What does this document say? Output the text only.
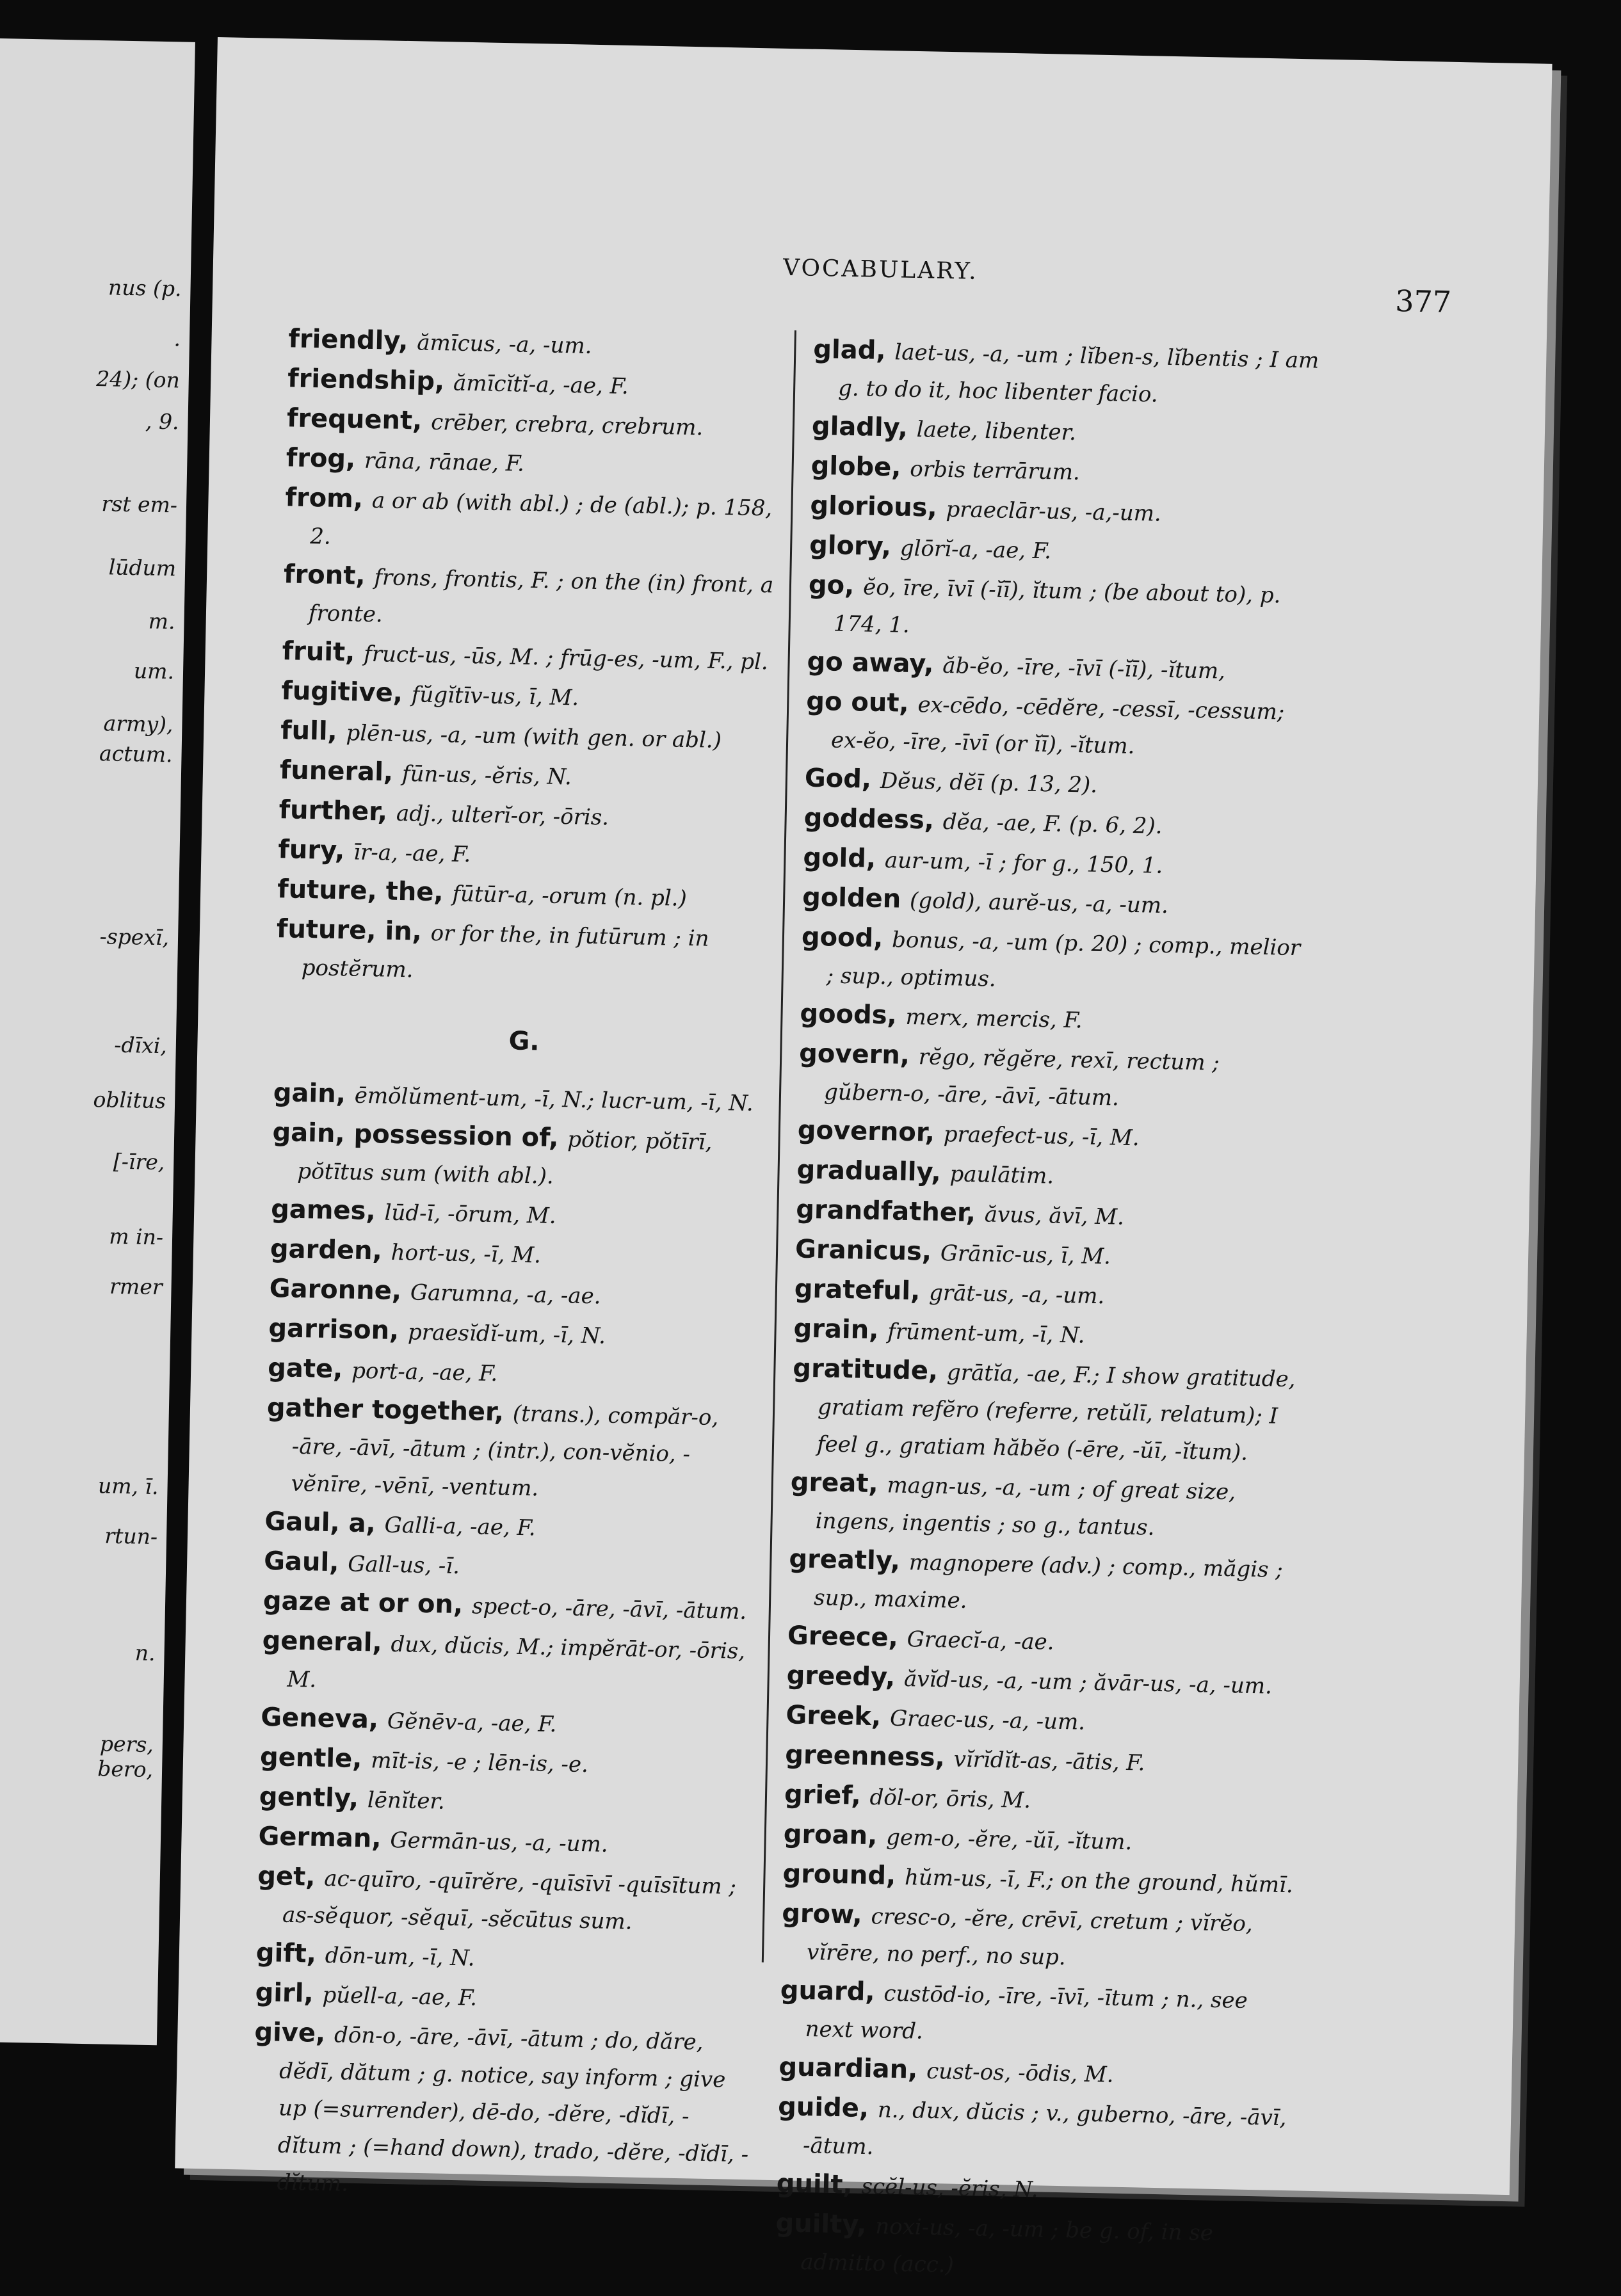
nus (p.
.
24); (on
, 9.
rst em-
lūdum
m.
um.
army),
actum.
-spexī,
-dīxi,
oblitus
[-īre,
m in-
rmer
um, ī.
rtun-
n.
pers,
bero,
VOCABULARY.
377
friendly, ămīcus, -a, -um.
friendship, ămīcĭtĭ-a, -ae, F.
frequent, crēber, crebra, crebrum.
frog, rāna, rānae, F.
from, a or ab (with abl.) ; de (abl.); p. 158, 2.
front, frons, frontis, F. ; on the (in) front, a fronte.
fruit, fruct-us, -ūs, M. ; frūg-es, -um, F., pl.
fugitive, fŭgĭtīv-us, ī, M.
full, plēn-us, -a, -um (with gen. or abl.)
funeral, fūn-us, -ĕris, N.
further, adj., ulterĭ-or, -ōris.
fury, īr-a, -ae, F.
future, the, fūtūr-a, -orum (n. pl.)
future, in, or for the, in futūrum ; in postĕrum.
G.
gain, ēmŏlŭment-um, -ī, N.; lucr-um, -ī, N.
gain, possession of, pŏtior, pŏtīrī, pŏtītus sum (with abl.).
games, lūd-ī, -ōrum, M.
garden, hort-us, -ī, M.
Garonne, Garumna, -a, -ae.
garrison, praesĭdĭ-um, -ī, N.
gate, port-a, -ae, F.
gather together, (trans.), compăr-o, -āre, -āvī, -ātum ; (intr.), con-vĕnio, -vĕnīre, -vēnī, -ventum.
Gaul, a, Galli-a, -ae, F.
Gaul, Gall-us, -ī.
gaze at or on, spect-o, -āre, -āvī, -ātum.
general, dux, dŭcis, M.; impĕrāt-or, -ōris, M.
Geneva, Gĕnēv-a, -ae, F.
gentle, mīt-is, -e ; lēn-is, -e.
gently, lēnĭter.
German, Germān-us, -a, -um.
get, ac-quīro, -quīrĕre, -quīsīvī -quīsītum ; as-sĕquor, -sĕquī, -sĕcūtus sum.
gift, dōn-um, -ī, N.
girl, pŭell-a, -ae, F.
give, dōn-o, -āre, -āvī, -ātum ; do, dăre, dĕdī, dătum ; g. notice, say inform ; give up (=surrender), dē-do, -dĕre, -dĭdī, -dĭtum ; (=hand down), trado, -dĕre, -dĭdī, -dĭtum.
glad, laet-us, -a, -um ; lĭben-s, lĭbentis ; I am g. to do it, hoc libenter facio.
gladly, laete, libenter.
globe, orbis terrārum.
glorious, praeclār-us, -a,-um.
glory, glōrĭ-a, -ae, F.
go, ĕo, īre, īvī (-ĭī), ĭtum ; (be about to), p. 174, 1.
go away, ăb-ĕo, -īre, -īvī (-ĭī), -ĭtum,
go out, ex-cēdo, -cēdĕre, -cessī, -cessum; ex-ĕo, -īre, -īvī (or ĭī), -ĭtum.
God, Dĕus, dĕī (p. 13, 2).
goddess, dĕa, -ae, F. (p. 6, 2).
gold, aur-um, -ī ; for g., 150, 1.
golden (gold), aurĕ-us, -a, -um.
good, bonus, -a, -um (p. 20) ; comp., melior ; sup., optimus.
goods, merx, mercis, F.
govern, rĕgo, rĕgĕre, rexī, rectum ; gŭbern-o, -āre, -āvī, -ātum.
governor, praefect-us, -ī, M.
gradually, paulātim.
grandfather, ăvus, ăvī, M.
Granicus, Grānīc-us, ī, M.
grateful, grāt-us, -a, -um.
grain, frūment-um, -ī, N.
gratitude, grātĭa, -ae, F.; I show gratitude, gratiam refĕro (referre, retŭlī, relatum); I feel g., gratiam hăbĕo (-ēre, -ŭī, -ĭtum).
great, magn-us, -a, -um ; of great size, ingens, ingentis ; so g., tantus.
greatly, magnopere (adv.) ; comp., măgis ; sup., maxime.
Greece, Graecĭ-a, -ae.
greedy, ăvĭd-us, -a, -um ; ăvār-us, -a, -um.
Greek, Graec-us, -a, -um.
greenness, vĭrĭdĭt-as, -ātis, F.
grief, dŏl-or, ōris, M.
groan, gem-o, -ĕre, -ŭī, -ĭtum.
ground, hŭm-us, -ī, F.; on the ground, hŭmī.
grow, cresc-o, -ĕre, crēvī, cretum ; vĭrĕo, vĭrēre, no perf., no sup.
guard, custōd-io, -īre, -īvī, -ītum ; n., see next word.
guardian, cust-os, -ōdis, M.
guide, n., dux, dŭcis ; v., guberno, -āre, -āvī, -ātum.
guilt, scĕl-us, -ĕris, N.
guilty, noxi-us, -a, -um ; be g. of, in se admitto (acc.)
